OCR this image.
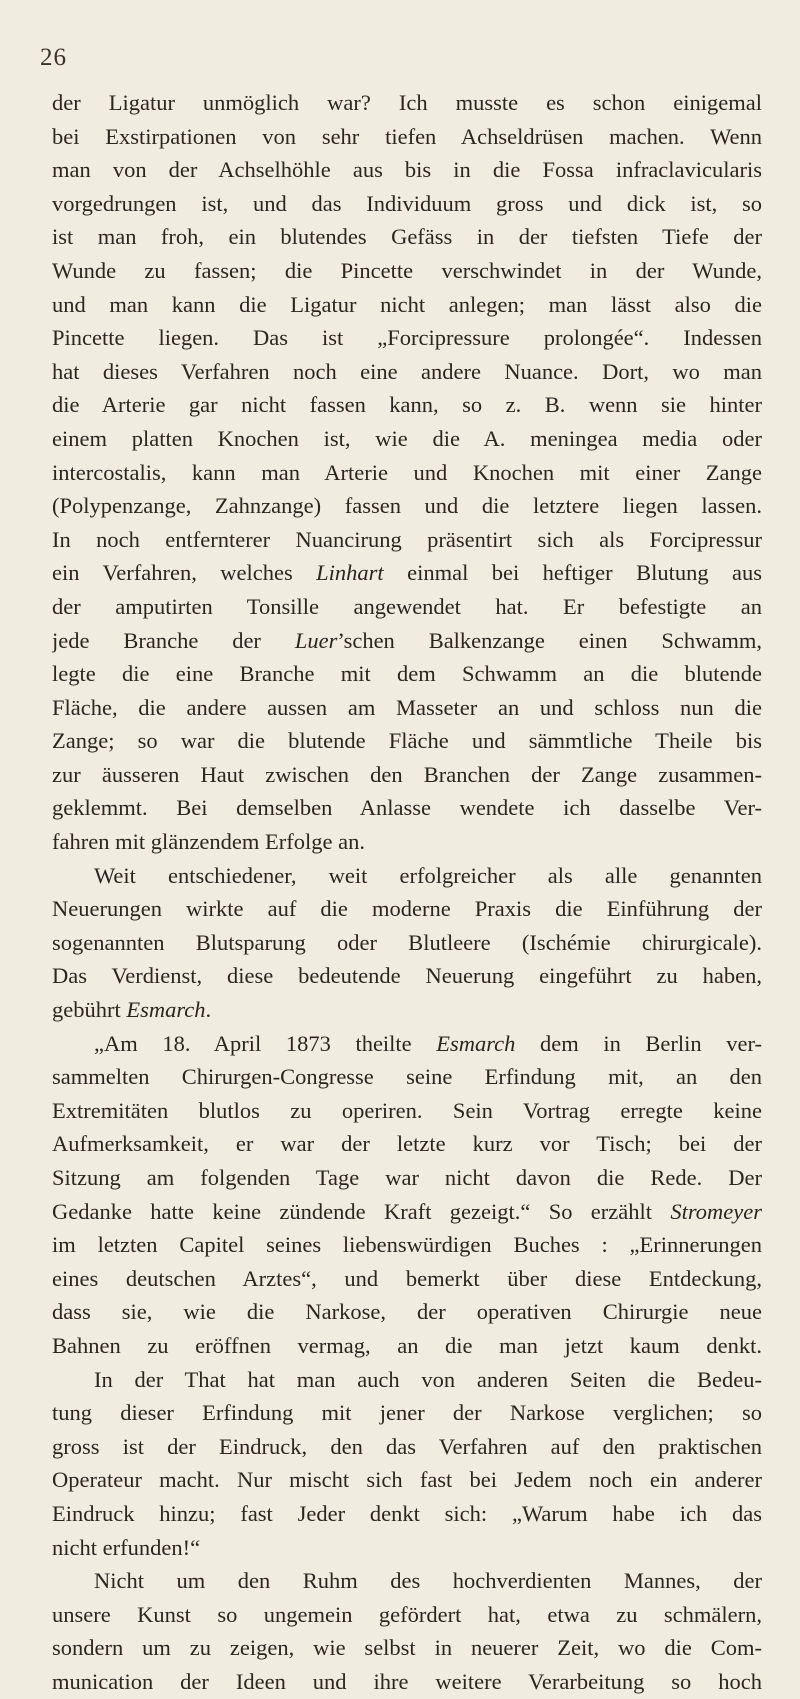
26
der Ligatur unmöglich war? Ich musste es schon einigemal
bei Exstirpationen von sehr tiefen Achseldrüsen machen. Wenn
man von der Achselhöhle aus bis in die Fossa infraclavicularis
vorgedrungen ist, und das Individuum gross und dick ist, so
ist man froh, ein blutendes Gefäss in der tiefsten Tiefe der
Wunde zu fassen; die Pincette verschwindet in der Wunde,
und man kann die Ligatur nicht anlegen; man lässt also die
Pincette liegen. Das ist „Forcipressure prolongée“. Indessen
hat dieses Verfahren noch eine andere Nuance. Dort, wo man
die Arterie gar nicht fassen kann, so z. B. wenn sie hinter
einem platten Knochen ist, wie die A. meningea media oder
intercostalis, kann man Arterie und Knochen mit einer Zange
(Polypenzange, Zahnzange) fassen und die letztere liegen lassen.
In noch entfernterer Nuancirung präsentirt sich als Forcipressur
ein Verfahren, welches Linhart einmal bei heftiger Blutung aus
der amputirten Tonsille angewendet hat. Er befestigte an
jede Branche der Luer’schen Balkenzange einen Schwamm,
legte die eine Branche mit dem Schwamm an die blutende
Fläche, die andere aussen am Masseter an und schloss nun die
Zange; so war die blutende Fläche und sämmtliche Theile bis
zur äusseren Haut zwischen den Branchen der Zange zusammen-
geklemmt. Bei demselben Anlasse wendete ich dasselbe Ver-
fahren mit glänzendem Erfolge an.
Weit entschiedener, weit erfolgreicher als alle genannten
Neuerungen wirkte auf die moderne Praxis die Einführung der
sogenannten Blutsparung oder Blutleere (Ischémie chirurgicale).
Das Verdienst, diese bedeutende Neuerung eingeführt zu haben,
gebührt Esmarch.
„Am 18. April 1873 theilte Esmarch dem in Berlin ver-
sammelten Chirurgen-Congresse seine Erfindung mit, an den
Extremitäten blutlos zu operiren. Sein Vortrag erregte keine
Aufmerksamkeit, er war der letzte kurz vor Tisch; bei der
Sitzung am folgenden Tage war nicht davon die Rede. Der
Gedanke hatte keine zündende Kraft gezeigt.“ So erzählt Stromeyer
im letzten Capitel seines liebenswürdigen Buches : „Erinnerungen
eines deutschen Arztes“, und bemerkt über diese Entdeckung,
dass sie, wie die Narkose, der operativen Chirurgie neue
Bahnen zu eröffnen vermag, an die man jetzt kaum denkt.
In der That hat man auch von anderen Seiten die Bedeu-
tung dieser Erfindung mit jener der Narkose verglichen; so
gross ist der Eindruck, den das Verfahren auf den praktischen
Operateur macht. Nur mischt sich fast bei Jedem noch ein anderer
Eindruck hinzu; fast Jeder denkt sich: „Warum habe ich das
nicht erfunden!“
Nicht um den Ruhm des hochverdienten Mannes, der
unsere Kunst so ungemein gefördert hat, etwa zu schmälern,
sondern um zu zeigen, wie selbst in neuerer Zeit, wo die Com-
munication der Ideen und ihre weitere Verarbeitung so hoch
